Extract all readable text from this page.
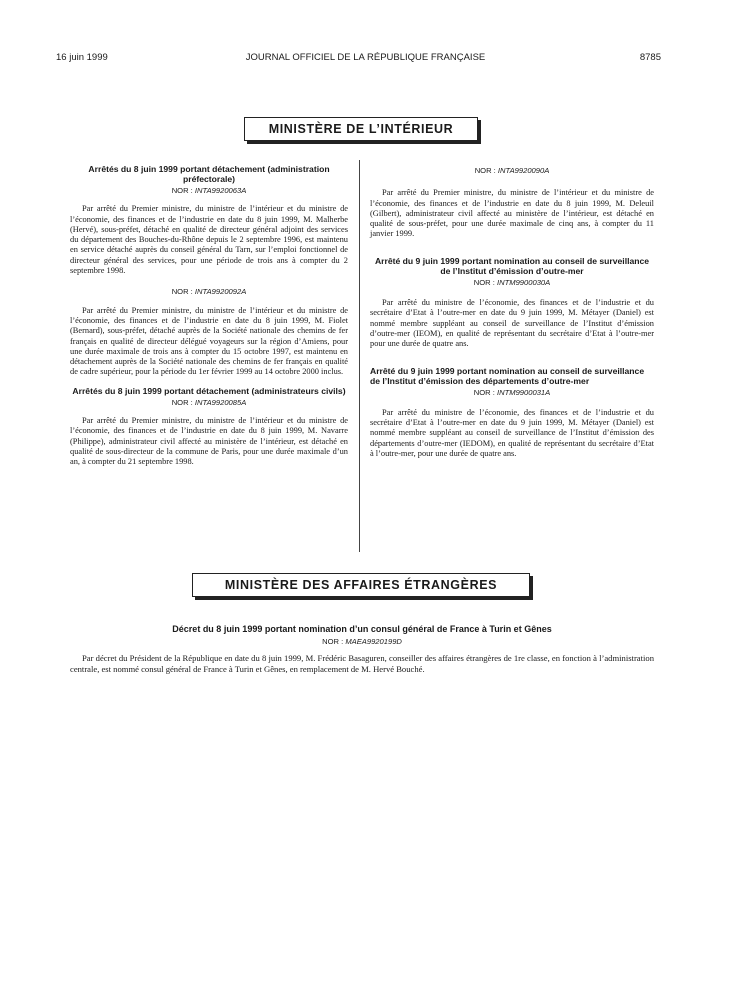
JOURNAL OFFICIEL DE LA RÉPUBLIQUE FRANÇAISE
16 juin 1999	8785
MINISTÈRE DE L’INTÉRIEUR

Arrêtés du 8 juin 1999 portant détachement (administration préfectorale)

NOR : INTA9920063A

Par arrêté du Premier ministre, du ministre de l’intérieur et du ministre de l’économie, des finances et de l’industrie en date du 8 juin 1999, M. Malherbe (Hervé), sous-préfet, détaché en qualité de directeur général adjoint des services du département des Bouches-du-Rhône depuis le 2 septembre 1996, est maintenu en service détaché auprès du conseil général du Tarn, sur l’emploi fonctionnel de directeur général des services, pour une période de trois ans à compter du 2 septembre 1998.

NOR : INTA9920092A

Par arrêté du Premier ministre, du ministre de l’intérieur et du ministre de l’économie, des finances et de l’industrie en date du 8 juin 1999, M. Fiolet (Bernard), sous-préfet, détaché auprès de la Société nationale des chemins de fer français en qualité de directeur délégué voyageurs sur la région d’Amiens, pour une durée maximale de trois ans à compter du 15 octobre 1997, est maintenu en détachement auprès de la Société nationale des chemins de fer français en qualité de cadre supérieur, pour la période du 1er février 1999 au 14 octobre 2000 inclus.

Arrêtés du 8 juin 1999 portant détachement (administrateurs civils)

NOR : INTA9920085A

Par arrêté du Premier ministre, du ministre de l’intérieur et du ministre de l’économie, des finances et de l’industrie en date du 8 juin 1999, M. Navarre (Philippe), administrateur civil affecté au ministère de l’intérieur, est détaché en qualité de sous-directeur de la commune de Paris, pour une durée maximale d’un an, à compter du 21 septembre 1998.

NOR : INTA9920090A

Par arrêté du Premier ministre, du ministre de l’intérieur et du ministre de l’économie, des finances et de l’industrie en date du 8 juin 1999, M. Deleuil (Gilbert), administrateur civil affecté au ministère de l’intérieur, est détaché en qualité de sous-préfet, pour une durée maximale de cinq ans, à compter du 11 janvier 1999.

Arrêté du 9 juin 1999 portant nomination au conseil de surveillance de l’Institut d’émission d’outre-mer

NOR : INTM9900030A

Par arrêté du ministre de l’économie, des finances et de l’industrie et du secrétaire d’Etat à l’outre-mer en date du 9 juin 1999, M. Métayer (Daniel) est nommé membre suppléant au conseil de surveillance de l’Institut d’émission d’outre-mer (IEOM), en qualité de représentant du secrétaire d’Etat à l’outre-mer pour une durée de quatre ans.

Arrêté du 9 juin 1999 portant nomination au conseil de surveillance de l’Institut d’émission des départements d’outre-mer

NOR : INTM9900031A

Par arrêté du ministre de l’économie, des finances et de l’industrie et du secrétaire d’Etat à l’outre-mer en date du 9 juin 1999, M. Métayer (Daniel) est nommé membre suppléant au conseil de surveillance de l’Institut d’émission des départements d’outre-mer (IEDOM), en qualité de représentant du secrétaire d’Etat à l’outre-mer, pour une durée de quatre ans.

MINISTÈRE DES AFFAIRES ÉTRANGÈRES

Décret du 8 juin 1999 portant nomination d’un consul général de France à Turin et Gênes

NOR : MAEA9920199D

Par décret du Président de la République en date du 8 juin 1999, M. Frédéric Basaguren, conseiller des affaires étrangères de 1re classe, en fonction à l’administration centrale, est nommé consul général de France à Turin et Gênes, en remplacement de M. Hervé Bouché.
